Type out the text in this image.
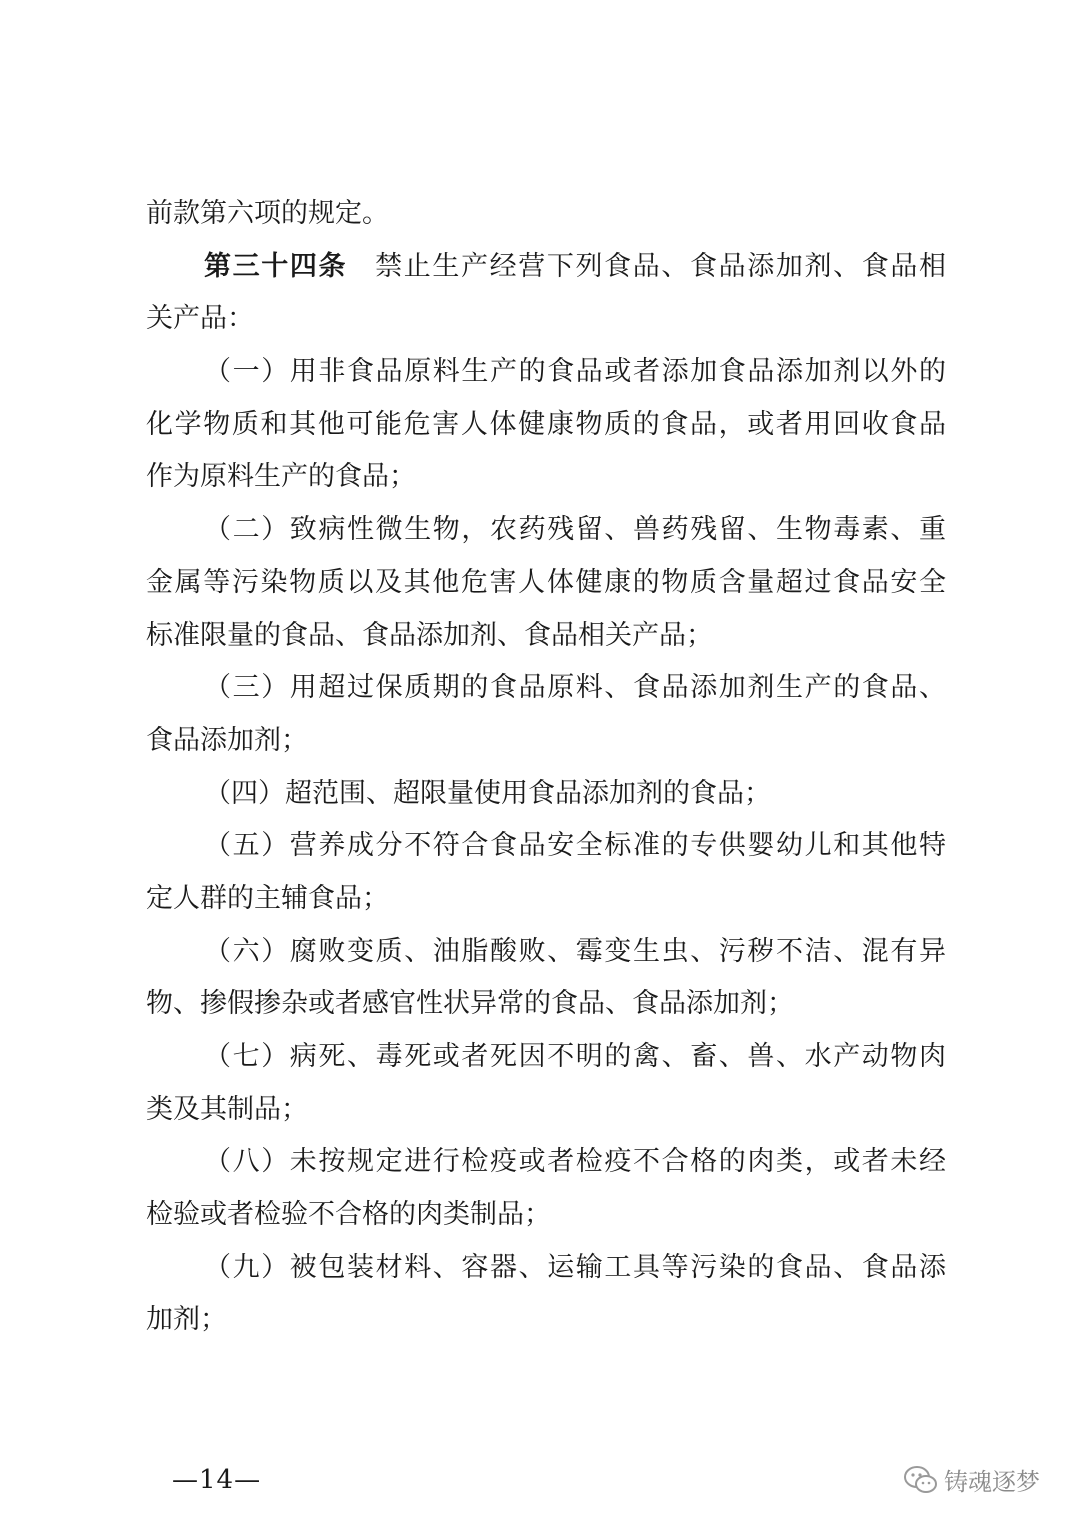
前款第六项的规定。
第三十四条 禁止生产经营下列食品、食品添加剂、食品相
关产品：
（一）用非食品原料生产的食品或者添加食品添加剂以外的
化学物质和其他可能危害人体健康物质的食品，或者用回收食品
作为原料生产的食品；
（二）致病性微生物，农药残留、兽药残留、生物毒素、重
金属等污染物质以及其他危害人体健康的物质含量超过食品安全
标准限量的食品、食品添加剂、食品相关产品；
（三）用超过保质期的食品原料、食品添加剂生产的食品、
食品添加剂；
（四）超范围、超限量使用食品添加剂的食品；
（五）营养成分不符合食品安全标准的专供婴幼儿和其他特
定人群的主辅食品；
（六）腐败变质、油脂酸败、霉变生虫、污秽不洁、混有异
物、掺假掺杂或者感官性状异常的食品、食品添加剂；
（七）病死、毒死或者死因不明的禽、畜、兽、水产动物肉
类及其制品；
（八）未按规定进行检疫或者检疫不合格的肉类，或者未经
检验或者检验不合格的肉类制品；
（九）被包装材料、容器、运输工具等污染的食品、食品添
加剂；
—14—	铸魂逐梦
